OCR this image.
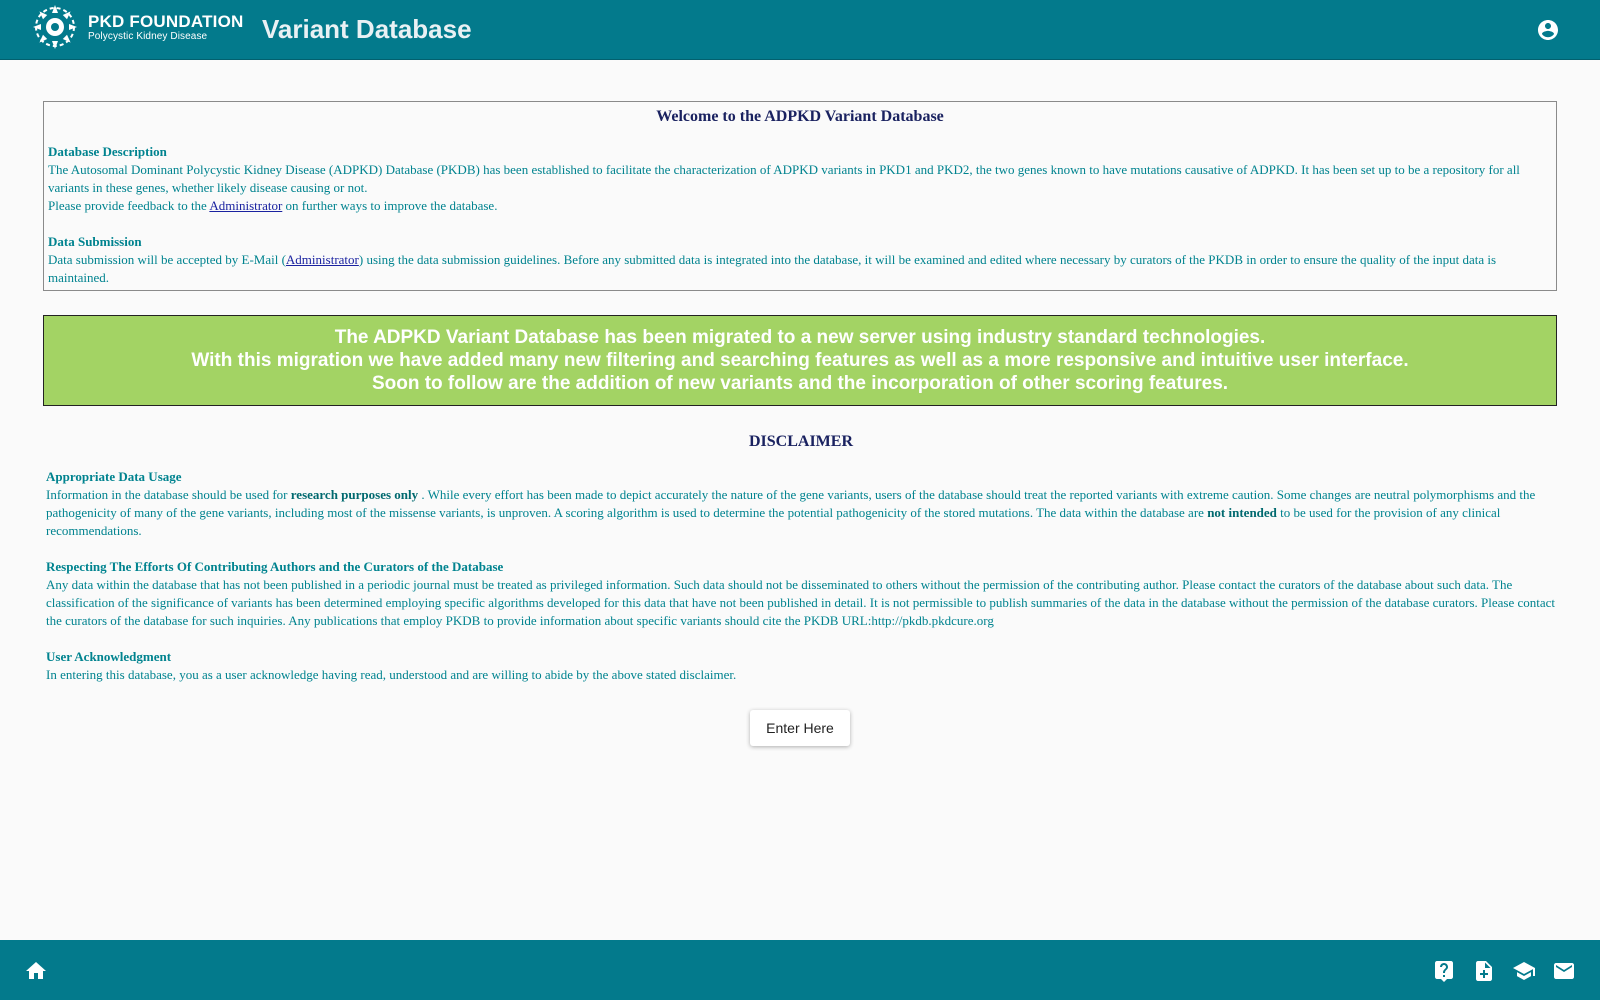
PKD FOUNDATION
Polycystic Kidney Disease	Variant Database
Welcome to the ADPKD Variant Database
Database Description
The Autosomal Dominant Polycystic Kidney Disease (ADPKD) Database (PKDB) has been established to facilitate the characterization of ADPKD variants in PKD1 and PKD2, the two genes known to have mutations causative of ADPKD. It has been set up to be a repository for all variants in these genes, whether likely disease causing or not.
Please provide feedback to the Administrator on further ways to improve the database.
Data Submission
Data submission will be accepted by E-Mail (Administrator) using the data submission guidelines. Before any submitted data is integrated into the database, it will be examined and edited where necessary by curators of the PKDB in order to ensure the quality of the input data is maintained.
The ADPKD Variant Database has been migrated to a new server using industry standard technologies.
With this migration we have added many new filtering and searching features as well as a more responsive and intuitive user interface.
Soon to follow are the addition of new variants and the incorporation of other scoring features.
DISCLAIMER
Appropriate Data Usage
Information in the database should be used for research purposes only . While every effort has been made to depict accurately the nature of the gene variants, users of the database should treat the reported variants with extreme caution. Some changes are neutral polymorphisms and the pathogenicity of many of the gene variants, including most of the missense variants, is unproven. A scoring algorithm is used to determine the potential pathogenicity of the stored mutations. The data within the database are not intended to be used for the provision of any clinical recommendations.
Respecting The Efforts Of Contributing Authors and the Curators of the Database
Any data within the database that has not been published in a periodic journal must be treated as privileged information. Such data should not be disseminated to others without the permission of the contributing author. Please contact the curators of the database about such data. The classification of the significance of variants has been determined employing specific algorithms developed for this data that have not been published in detail. It is not permissible to publish summaries of the data in the database without the permission of the database curators. Please contact the curators of the database for such inquiries. Any publications that employ PKDB to provide information about specific variants should cite the PKDB URL:http://pkdb.pkdcure.org
User Acknowledgment
In entering this database, you as a user acknowledge having read, understood and are willing to abide by the above stated disclaimer.
Enter Here
